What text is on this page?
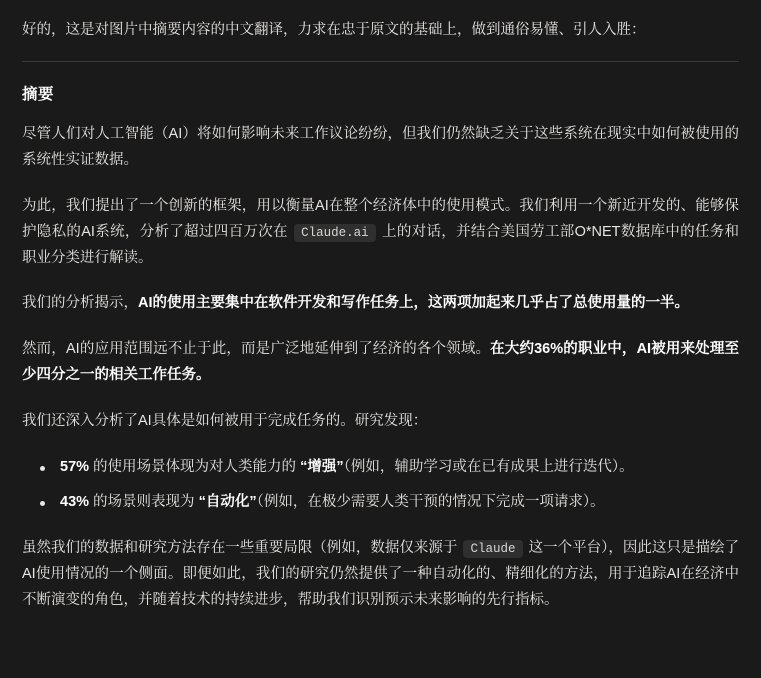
好的，这是对图片中摘要内容的中文翻译，力求在忠于原文的基础上，做到通俗易懂、引人入胜：

摘要

尽管人们对人工智能（AI）将如何影响未来工作议论纷纷，但我们仍然缺乏关于这些系统在现实中如何被使用的系统性实证数据。

为此，我们提出了一个创新的框架，用以衡量AI在整个经济体中的使用模式。我们利用一个新近开发的、能够保护隐私的AI系统，分析了超过四百万次在 Claude.ai 上的对话，并结合美国劳工部O*NET数据库中的任务和职业分类进行解读。

我们的分析揭示，AI的使用主要集中在软件开发和写作任务上，这两项加起来几乎占了总使用量的一半。

然而，AI的应用范围远不止于此，而是广泛地延伸到了经济的各个领域。在大约36%的职业中，AI被用来处理至少四分之一的相关工作任务。

我们还深入分析了AI具体是如何被用于完成任务的。研究发现：

57% 的使用场景体现为对人类能力的 “增强”（例如，辅助学习或在已有成果上进行迭代）。
43% 的场景则表现为 “自动化”（例如，在极少需要人类干预的情况下完成一项请求）。

虽然我们的数据和研究方法存在一些重要局限（例如，数据仅来源于 Claude 这一个平台），因此这只是描绘了AI使用情况的一个侧面。即便如此，我们的研究仍然提供了一种自动化的、精细化的方法，用于追踪AI在经济中不断演变的角色，并随着技术的持续进步，帮助我们识别预示未来影响的先行指标。
